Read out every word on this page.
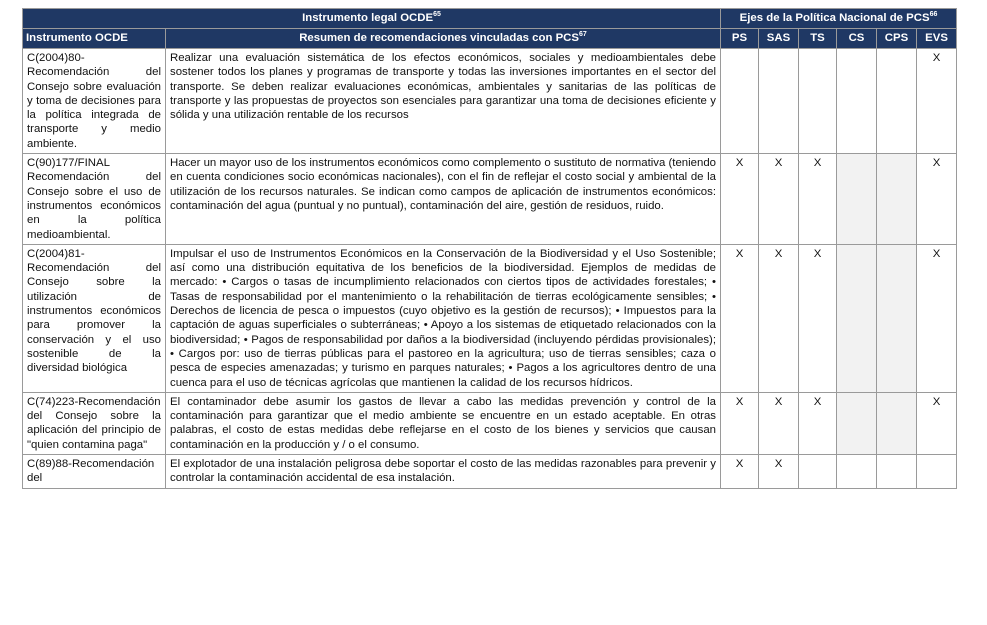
Instrumento legal OCDE$^{65}$		Ejes de la Política Nacional de PCS$^{66}$
Instrumento OCDE	Resumen de recomendaciones vinculadas con PCS$^{67}$	PS	SAS	TS	CS	CPS	EVS
C(2004)80-Recomendación del Consejo sobre evaluación y toma de decisiones para la política integrada de transporte y medio ambiente.	Realizar una evaluación sistemática de los efectos económicos, sociales y medioambientales debe sostener todos los planes y programas de transporte y todas las inversiones importantes en el sector del transporte. Se deben realizar evaluaciones económicas, ambientales y sanitarias de las políticas de transporte y las propuestas de proyectos son esenciales para garantizar una toma de decisiones eficiente y sólida y una utilización rentable de los recursos						X
C(90)177/FINAL Recomendación del Consejo sobre el uso de instrumentos económicos en la política medioambiental.	Hacer un mayor uso de los instrumentos económicos como complemento o sustituto de normativa (teniendo en cuenta condiciones socio económicas nacionales), con el fin de reflejar el costo social y ambiental de la utilización de los recursos naturales. Se indican como campos de aplicación de instrumentos económicos: contaminación del agua (puntual y no puntual), contaminación del aire, gestión de residuos, ruido.	X	X	X			X
C(2004)81-Recomendación del Consejo sobre la utilización de instrumentos económicos para promover la conservación y el uso sostenible de la diversidad biológica	Impulsar el uso de Instrumentos Económicos en la Conservación de la Biodiversidad y el Uso Sostenible; así como una distribución equitativa de los beneficios de la biodiversidad. Ejemplos de medidas de mercado: • Cargos o tasas de incumplimiento relacionados con ciertos tipos de actividades forestales; • Tasas de responsabilidad por el mantenimiento o la rehabilitación de tierras ecológicamente sensibles; • Derechos de licencia de pesca o impuestos (cuyo objetivo es la gestión de recursos); • Impuestos para la captación de aguas superficiales o subterráneas; • Apoyo a los sistemas de etiquetado relacionados con la biodiversidad; • Pagos de responsabilidad por daños a la biodiversidad (incluyendo pérdidas provisionales); • Cargos por: uso de tierras públicas para el pastoreo en la agricultura; uso de tierras sensibles; caza o pesca de especies amenazadas; y turismo en parques naturales; • Pagos a los agricultores dentro de una cuenca para el uso de técnicas agrícolas que mantienen la calidad de los recursos hídricos.	X	X	X			X
C(74)223-Recomendación del Consejo sobre la aplicación del principio de "quien contamina paga"	El contaminador debe asumir los gastos de llevar a cabo las medidas prevención y control de la contaminación para garantizar que el medio ambiente se encuentre en un estado aceptable. En otras palabras, el costo de estas medidas debe reflejarse en el costo de los bienes y servicios que causan contaminación en la producción y / o el consumo.	X	X	X			X
C(89)88-Recomendación del	El explotador de una instalación peligrosa debe soportar el costo de las medidas razonables para prevenir y controlar la contaminación accidental de esa instalación.	X	X				
